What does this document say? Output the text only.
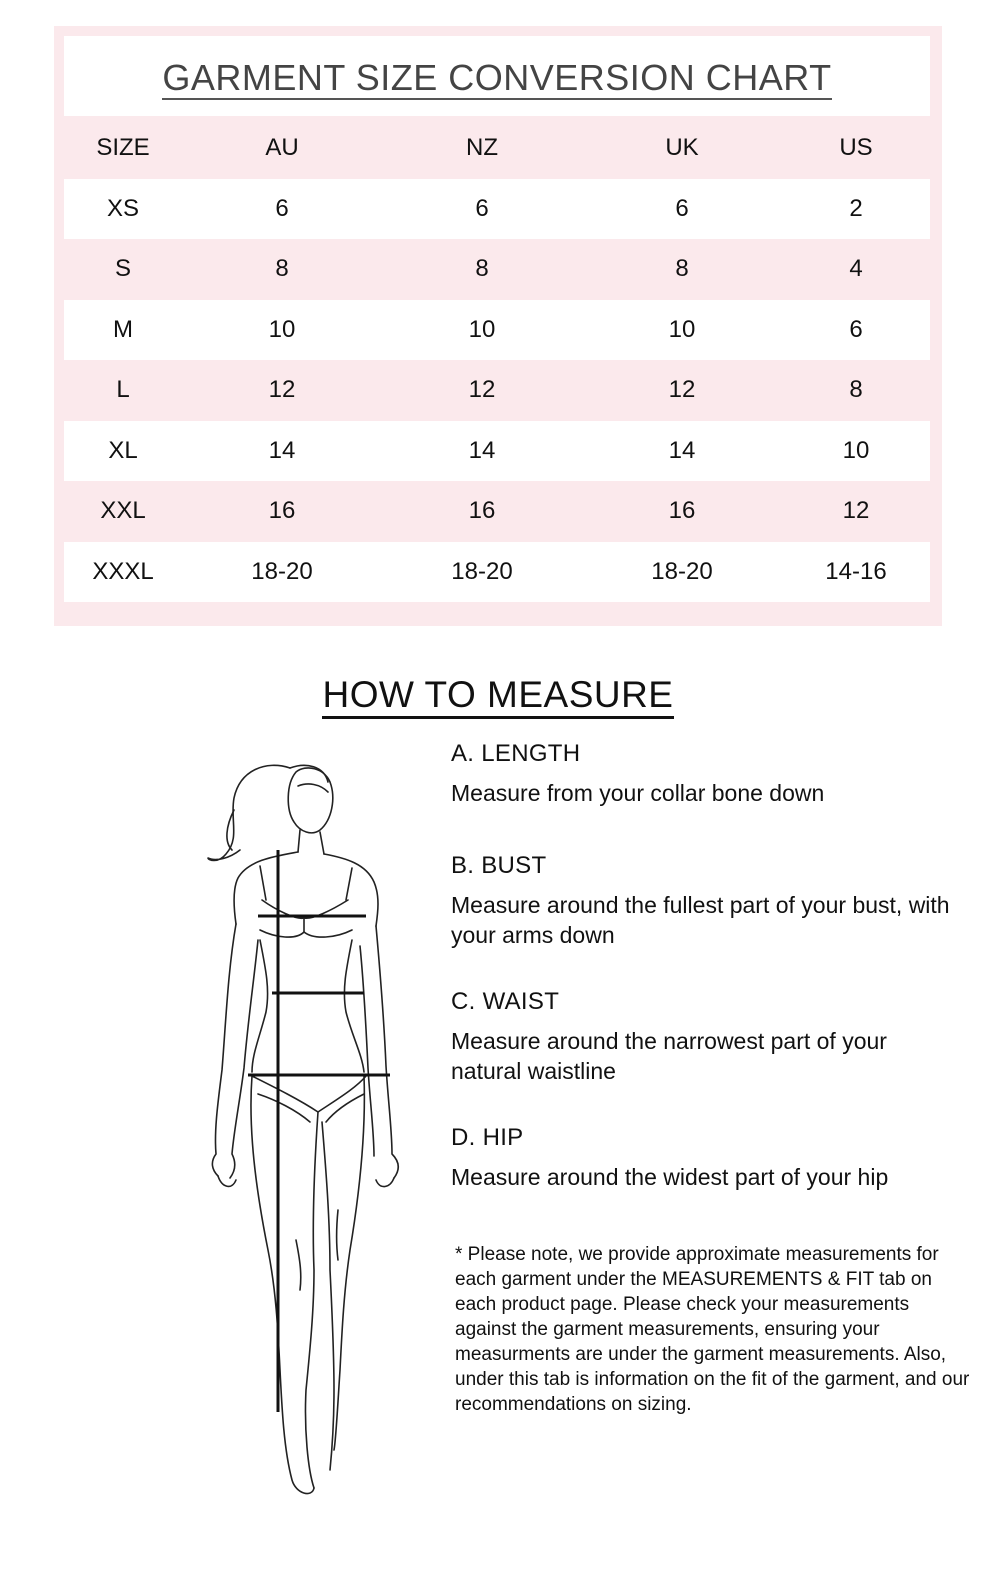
GARMENT SIZE CONVERSION CHART
SIZE	AU	NZ	UK	US
XS	6	6	6	2
S	8	8	8	4
M	10	10	10	6
L	12	12	12	8
XL	14	14	14	10
XXL	16	16	16	12
XXXL	18-20	18-20	18-20	14-16
HOW TO MEASURE
A. LENGTH
Measure from your collar bone down
B. BUST
Measure around the fullest part of your bust, with your arms down
C. WAIST
Measure around the narrowest part of your natural waistline
D. HIP
Measure around the widest part of your hip
* Please note, we provide approximate measurements for each garment under the MEASUREMENTS & FIT tab on each product page. Please check your measurements against the garment measurements, ensuring your measurments are under the garment measurements. Also, under this tab is information on the fit of the garment, and our recommendations on sizing.
